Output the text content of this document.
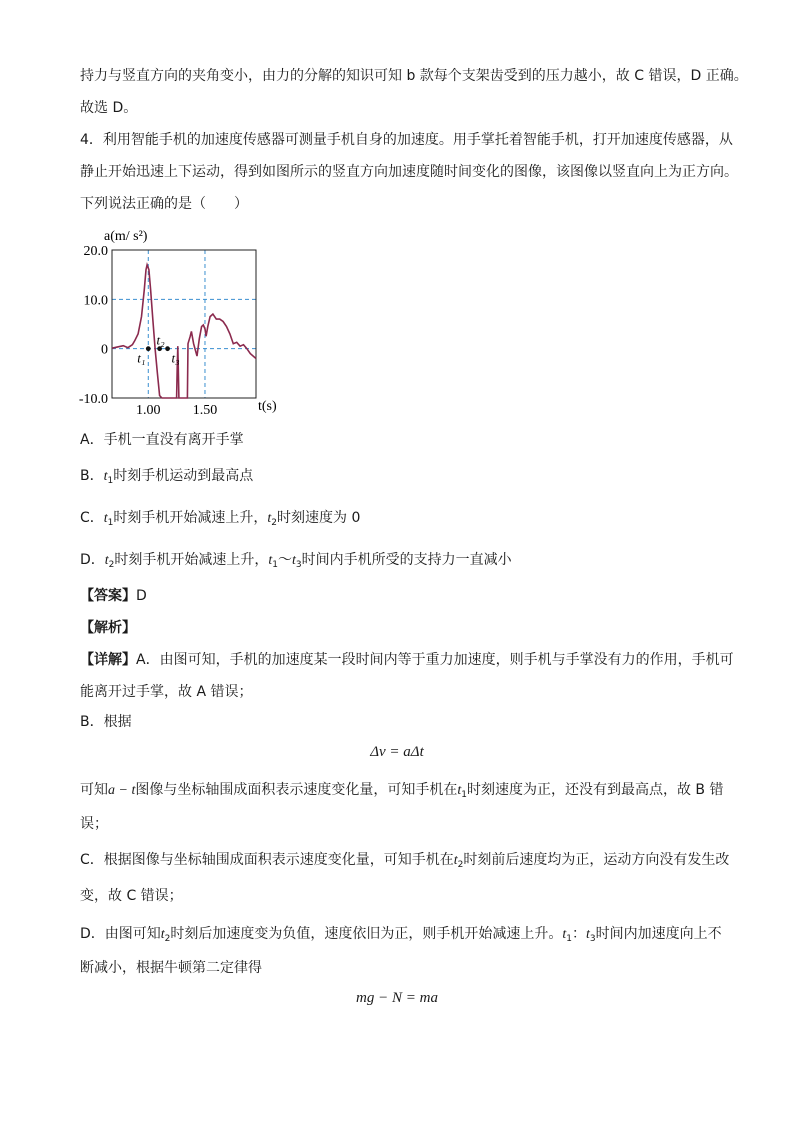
持力与竖直方向的夹角变小，由力的分解的知识可知 b 款每个支架齿受到的压力越小，故 C 错误，D 正确。
故选 D。
4．利用智能手机的加速度传感器可测量手机自身的加速度。用手掌托着智能手机，打开加速度传感器，从
静止开始迅速上下运动，得到如图所示的竖直方向加速度随时间变化的图像，该图像以竖直向上为正方向。
下列说法正确的是（　　）
20.0
10.0
0
-10.0
1.00 1.50
t₁
t₂
t₃
a(m/ s²)
t(s)
A．手机一直没有离开手掌
B．$t_1$时刻手机运动到最高点
C．$t_1$时刻手机开始减速上升，$t_2$时刻速度为 0
D．$t_2$时刻手机开始减速上升，$t_1\sim t_3$时间内手机所受的支持力一直减小
【答案】D
【解析】
【详解】A．由图可知，手机的加速度某一段时间内等于重力加速度，则手机与手掌没有力的作用，手机可
能离开过手掌，故 A 错误；
B．根据
Δv = aΔt
可知a − t图像与坐标轴围成面积表示速度变化量，可知手机在$t_1$时刻速度为正，还没有到最高点，故 B 错
误；
C．根据图像与坐标轴围成面积表示速度变化量，可知手机在$t_2$时刻前后速度均为正，运动方向没有发生改
变，故 C 错误；
D．由图可知$t_2$时刻后加速度变为负值，速度依旧为正，则手机开始减速上升。$t_1$：$t_3$时间内加速度向上不
断减小，根据牛顿第二定律得
mg − N = ma
